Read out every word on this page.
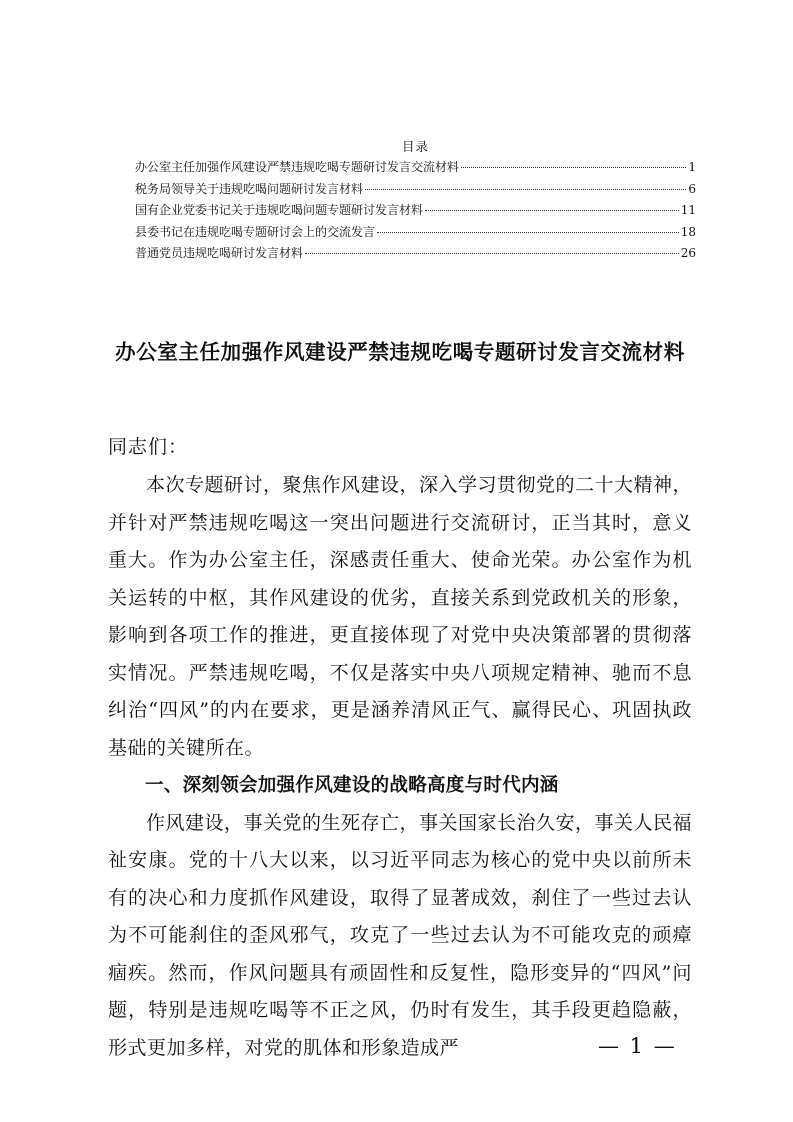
目录
办公室主任加强作风建设严禁违规吃喝专题研讨发言交流材料	1
税务局领导关于违规吃喝问题研讨发言材料	6
国有企业党委书记关于违规吃喝问题专题研讨发言材料	11
县委书记在违规吃喝专题研讨会上的交流发言	18
普通党员违规吃喝研讨发言材料	26
办公室主任加强作风建设严禁违规吃喝专题研讨发言交流材料
同志们：

本次专题研讨，聚焦作风建设，深入学习贯彻党的二十大精神，并针对严禁违规吃喝这一突出问题进行交流研讨，正当其时，意义重大。作为办公室主任，深感责任重大、使命光荣。办公室作为机关运转的中枢，其作风建设的优劣，直接关系到党政机关的形象，影响到各项工作的推进，更直接体现了对党中央决策部署的贯彻落实情况。严禁违规吃喝，不仅是落实中央八项规定精神、驰而不息纠治“四风”的内在要求，更是涵养清风正气、赢得民心、巩固执政基础的关键所在。

一、深刻领会加强作风建设的战略高度与时代内涵

作风建设，事关党的生死存亡，事关国家长治久安，事关人民福祉安康。党的十八大以来，以习近平同志为核心的党中央以前所未有的决心和力度抓作风建设，取得了显著成效，刹住了一些过去认为不可能刹住的歪风邪气，攻克了一些过去认为不可能攻克的顽瘴痼疾。然而，作风问题具有顽固性和反复性，隐形变异的“四风”问题，特别是违规吃喝等不正之风，仍时有发生，其手段更趋隐蔽，形式更加多样，对党的肌体和形象造成严	— 1 —
